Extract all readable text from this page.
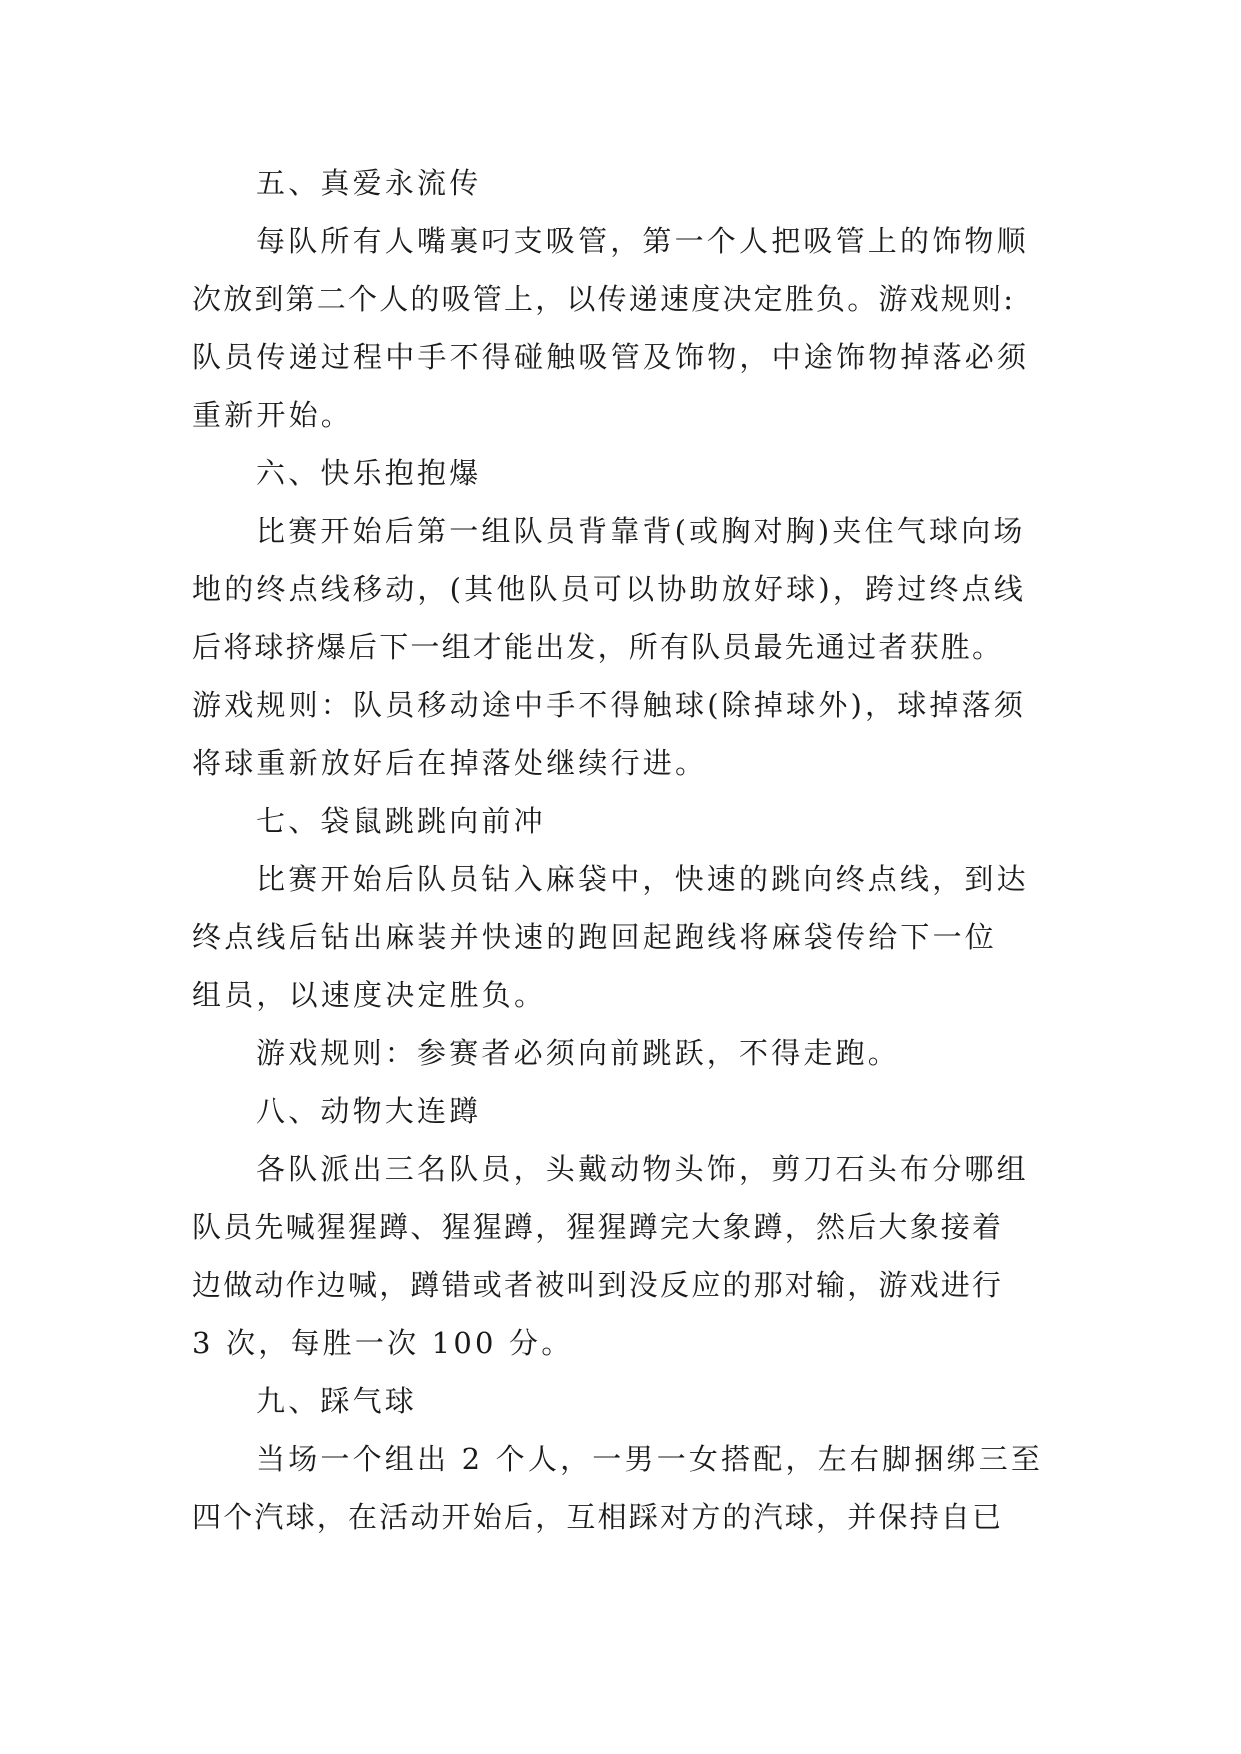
五、真爱永流传
每队所有人嘴裏叼支吸管，第一个人把吸管上的饰物顺
次放到第二个人的吸管上，以传递速度决定胜负。游戏规则:
队员传递过程中手不得碰触吸管及饰物，中途饰物掉落必须
重新开始。
六、快乐抱抱爆
比赛开始后第一组队员背靠背(或胸对胸)夹住气球向场
地的终点线移动，(其他队员可以协助放好球)，跨过终点线
后将球挤爆后下一组才能出发，所有队员最先通过者获胜。
游戏规则：队员移动途中手不得触球(除掉球外)，球掉落须
将球重新放好后在掉落处继续行进。
七、袋鼠跳跳向前冲
比赛开始后队员钻入麻袋中，快速的跳向终点线，到达
终点线后钻出麻装并快速的跑回起跑线将麻袋传给下一位
组员，以速度决定胜负。
游戏规则：参赛者必须向前跳跃，不得走跑。
八、动物大连蹲
各队派出三名队员，头戴动物头饰，剪刀石头布分哪组
队员先喊猩猩蹲、猩猩蹲，猩猩蹲完大象蹲，然后大象接着
边做动作边喊，蹲错或者被叫到没反应的那对输，游戏进行
3 次，每胜一次 100 分。
九、踩气球
当场一个组出 2 个人，一男一女搭配，左右脚捆绑三至
四个汽球，在活动开始后，互相踩对方的汽球，并保持自已
